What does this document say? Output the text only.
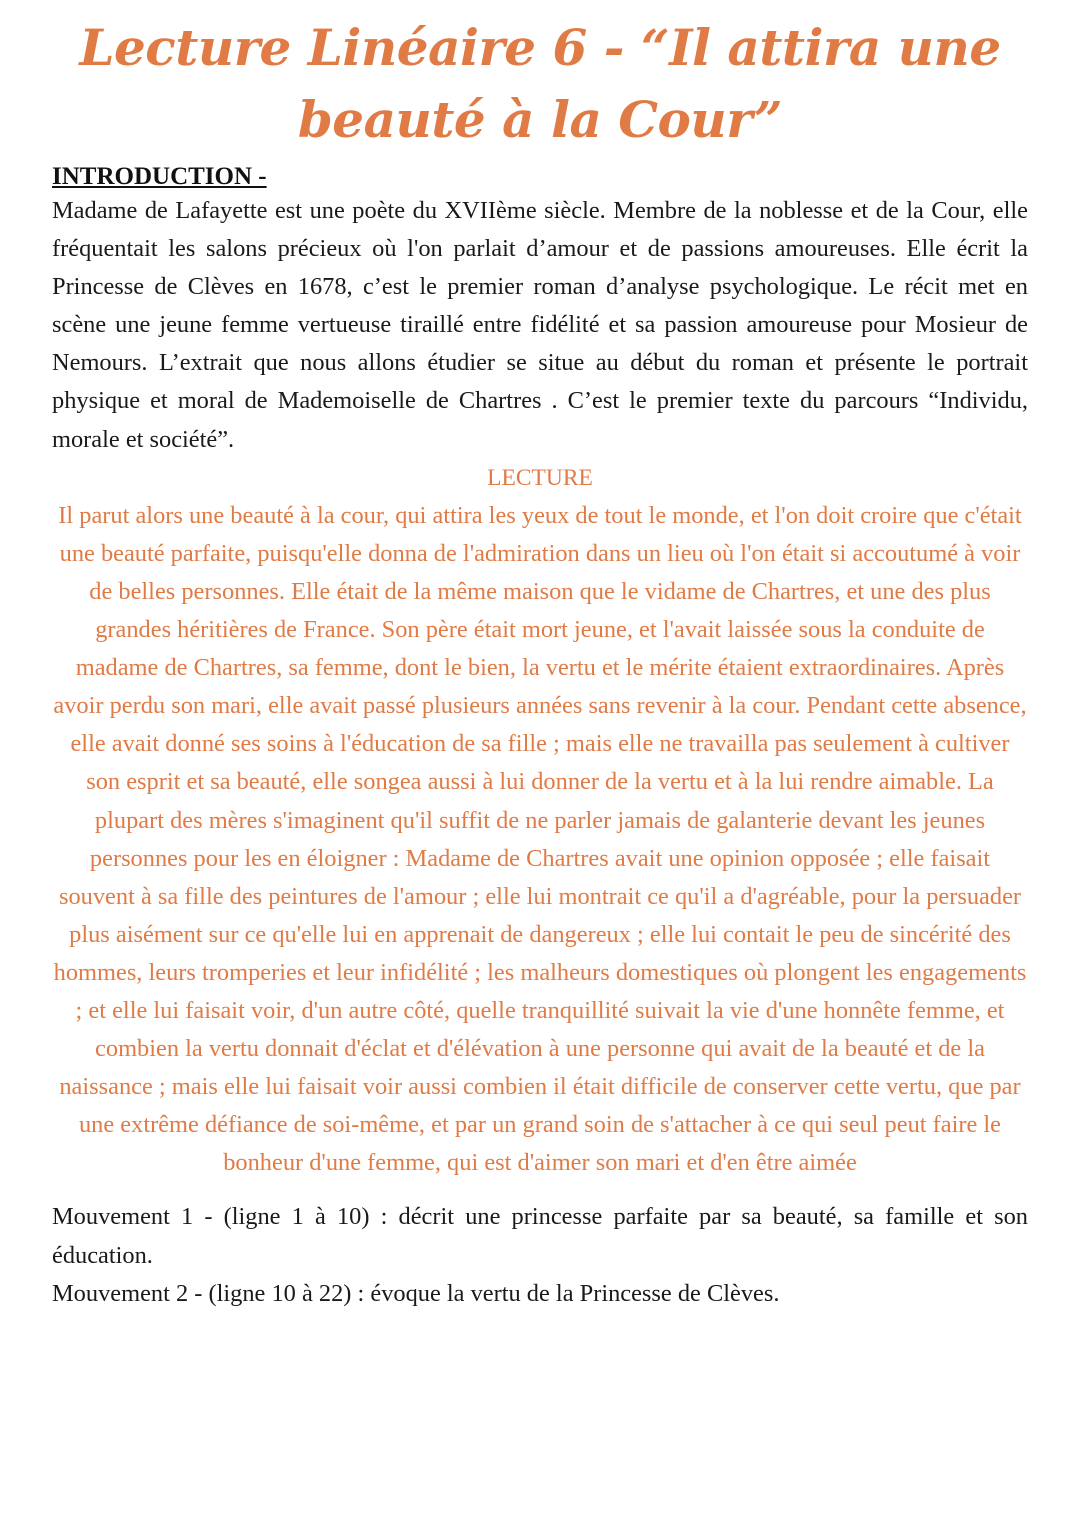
Lecture Linéaire 6 - “Il attira une beauté à la Cour”
INTRODUCTION -

Madame de Lafayette est une poète du XVIIème siècle. Membre de la noblesse et de la Cour, elle fréquentait les salons précieux où l'on parlait d’amour et de passions amoureuses. Elle écrit la Princesse de Clèves en 1678, c’est le premier roman d’analyse psychologique. Le récit met en scène une jeune femme vertueuse tiraillé entre fidélité et sa passion amoureuse pour Mosieur de Nemours. L’extrait que nous allons étudier se situe au début du roman et présente le portrait physique et moral de Mademoiselle de Chartres . C’est le premier texte du parcours “Individu, morale et société”.

LECTURE

Il parut alors une beauté à la cour, qui attira les yeux de tout le monde, et l'on doit croire que c'était une beauté parfaite, puisqu'elle donna de l'admiration dans un lieu où l'on était si accoutumé à voir de belles personnes. Elle était de la même maison que le vidame de Chartres, et une des plus grandes héritières de France. Son père était mort jeune, et l'avait laissée sous la conduite de madame de Chartres, sa femme, dont le bien, la vertu et le mérite étaient extraordinaires. Après avoir perdu son mari, elle avait passé plusieurs années sans revenir à la cour. Pendant cette absence, elle avait donné ses soins à l'éducation de sa fille ; mais elle ne travailla pas seulement à cultiver son esprit et sa beauté, elle songea aussi à lui donner de la vertu et à la lui rendre aimable. La plupart des mères s'imaginent qu'il suffit de ne parler jamais de galanterie devant les jeunes personnes pour les en éloigner : Madame de Chartres avait une opinion opposée ; elle faisait souvent à sa fille des peintures de l'amour ; elle lui montrait ce qu'il a d'agréable, pour la persuader plus aisément sur ce qu'elle lui en apprenait de dangereux ; elle lui contait le peu de sincérité des hommes, leurs tromperies et leur infidélité ; les malheurs domestiques où plongent les engagements ; et elle lui faisait voir, d'un autre côté, quelle tranquillité suivait la vie d'une honnête femme, et combien la vertu donnait d'éclat et d'élévation à une personne qui avait de la beauté et de la naissance ; mais elle lui faisait voir aussi combien il était difficile de conserver cette vertu, que par une extrême défiance de soi-même, et par un grand soin de s'attacher à ce qui seul peut faire le bonheur d'une femme, qui est d'aimer son mari et d'en être aimée

Mouvement 1 - (ligne 1 à 10) : décrit une princesse parfaite par sa beauté, sa famille et son éducation.

Mouvement 2 - (ligne 10 à 22) : évoque la vertu de la Princesse de Clèves.
